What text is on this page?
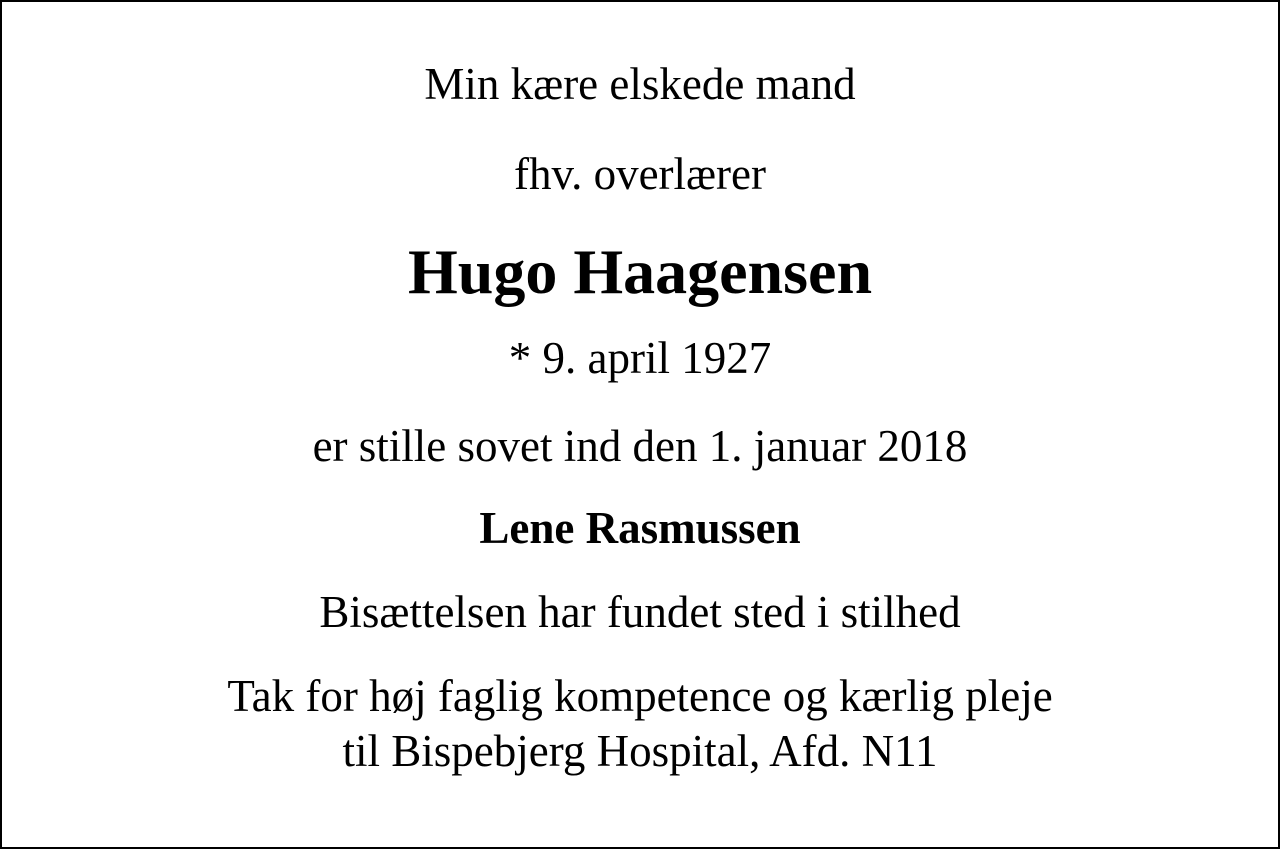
Min kære elskede mand

fhv. overlærer

Hugo Haagensen

* 9. april 1927

er stille sovet ind den 1. januar 2018

Lene Rasmussen

Bisættelsen har fundet sted i stilhed

Tak for høj faglig kompetence og kærlig pleje

til Bispebjerg Hospital, Afd. N11
